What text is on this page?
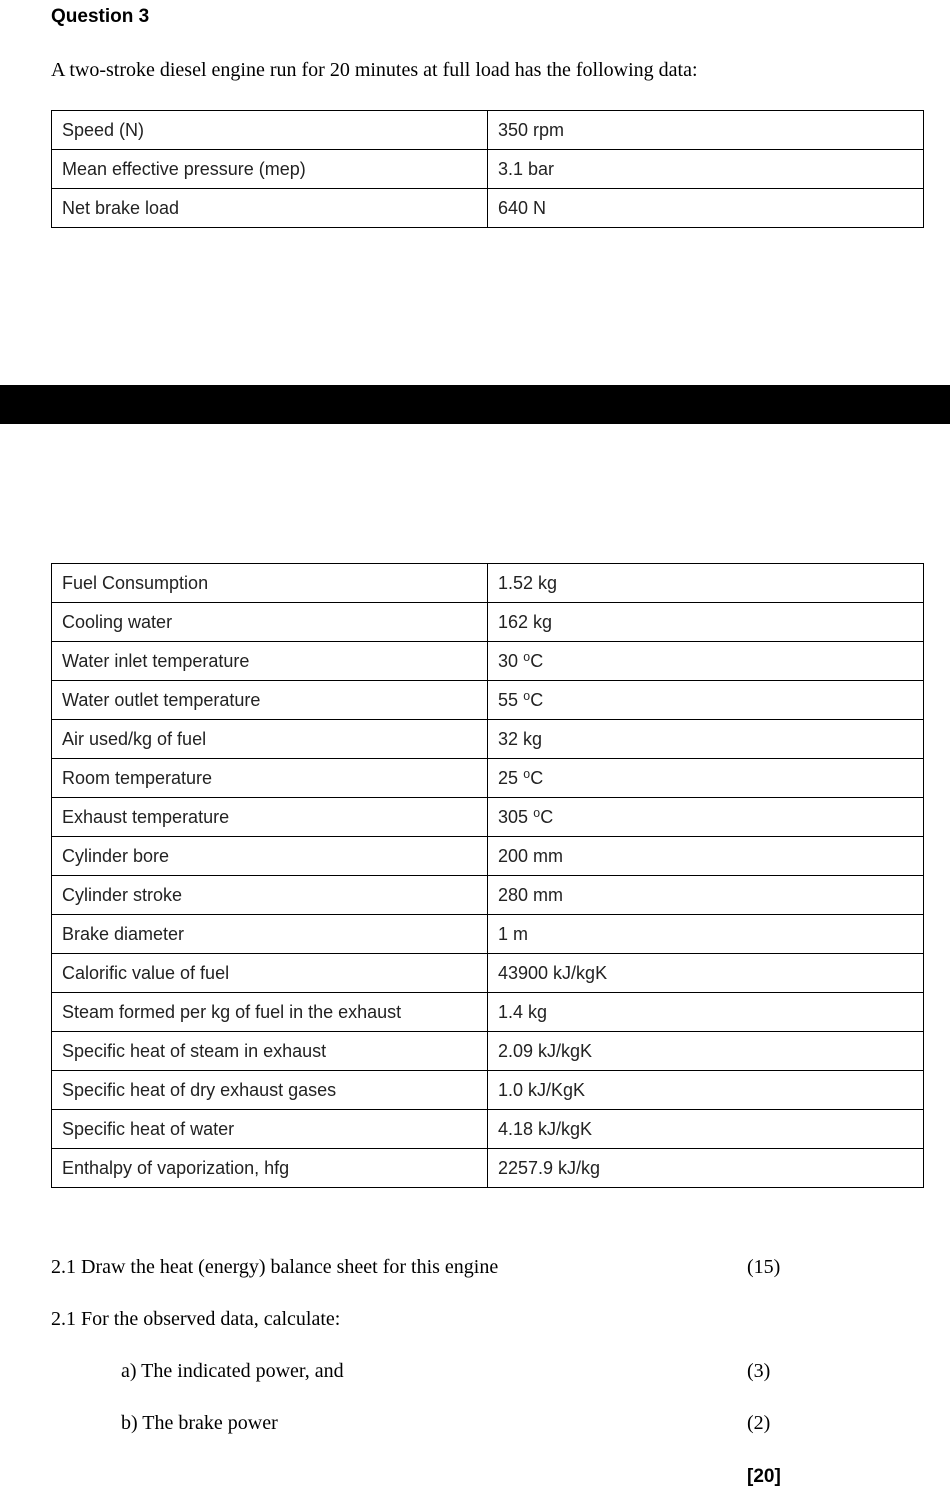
Question 3
A two-stroke diesel engine run for 20 minutes at full load has the following data:
Speed (N)	350 rpm
Mean effective pressure (mep)	3.1 bar
Net brake load	640 N
Fuel Consumption	1.52 kg
Cooling water	162 kg
Water inlet temperature	30 ⁰C
Water outlet temperature	55 ⁰C
Air used/kg of fuel	32 kg
Room temperature	25 ⁰C
Exhaust temperature	305 ⁰C
Cylinder bore	200 mm
Cylinder stroke	280 mm
Brake diameter	1 m
Calorific value of fuel	43900 kJ/kgK
Steam formed per kg of fuel in the exhaust	1.4 kg
Specific heat of steam in exhaust	2.09 kJ/kgK
Specific heat of dry exhaust gases	1.0 kJ/KgK
Specific heat of water	4.18 kJ/kgK
Enthalpy of vaporization, hfg	2257.9 kJ/kg
2.1 Draw the heat (energy) balance sheet for this engine	(15)
2.1 For the observed data, calculate:
a) The indicated power, and	(3)
b) The brake power	(2)
[20]
